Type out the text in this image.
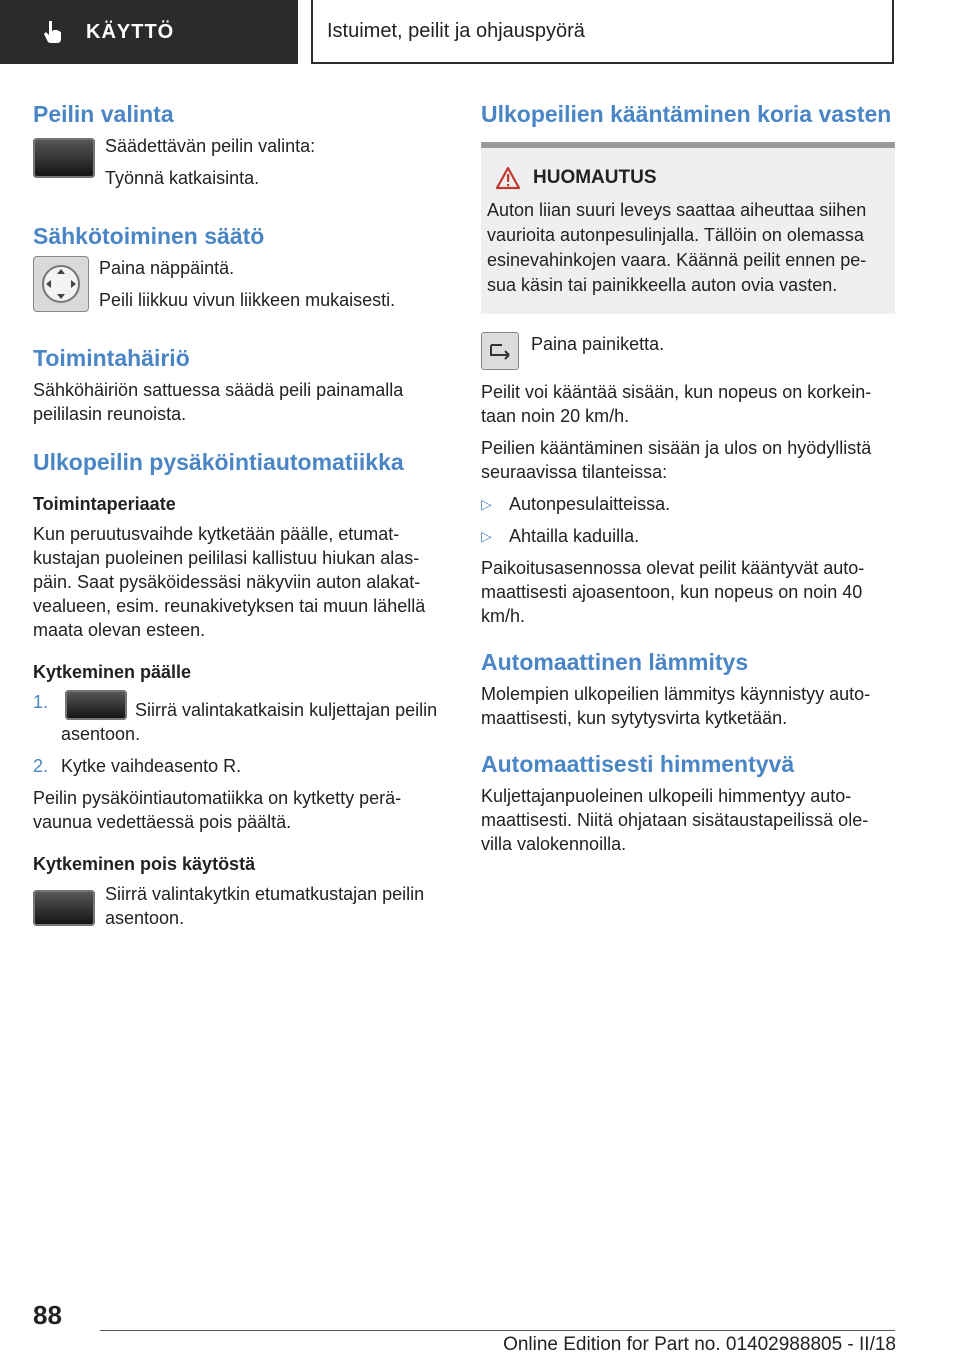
KÄYTTÖ	Istuimet, peilit ja ohjauspyörä
Peilin valinta

Säädettävän peilin valinta:

Työnnä katkaisinta.

Sähkötoiminen säätö

Paina näppäintä.

Peili liikkuu vivun liikkeen mukaisesti.

Toimintahäiriö

Sähköhäiriön sattuessa säädä peili painamalla peililasin reunoista.

Ulkopeilin pysäköintiautomatiikka
Toimintaperiaate

Kun peruutusvaihde kytketään päälle, etumat-kustajan puoleinen peililasi kallistuu hiukan alas-päin. Saat pysäköidessäsi näkyviin auton alakat-vealueen, esim. reunakivetyksen tai muun lähellä maata olevan esteen.

Kytkeminen päälle
1.	Siirrä valintakatkaisin kuljettajan peilin asentoon.
2. Kytke vaihdeasento R.

Peilin pysäköintiautomatiikka on kytketty perä-vaunua vedettäessä pois päältä.

Kytkeminen pois käytöstä

Siirrä valintakytkin etumatkustajan peilin asentoon.

Ulkopeilien kääntäminen koria vasten
HUOMAUTUS

Auton liian suuri leveys saattaa aiheuttaa siihen vaurioita autonpesulinjalla. Tällöin on olemassa esinevahinkojen vaara. Käännä peilit ennen pe-sua käsin tai painikkeella auton ovia vasten.

Paina painiketta.

Peilit voi kääntää sisään, kun nopeus on korkein-taan noin 20 km/h.

Peilien kääntäminen sisään ja ulos on hyödyllistä seuraavissa tilanteissa:

▷ Autonpesulaitteissa.
▷ Ahtailla kaduilla.

Paikoitusasennossa olevat peilit kääntyvät auto-maattisesti ajoasentoon, kun nopeus on noin 40 km/h.

Automaattinen lämmitys

Molempien ulkopeilien lämmitys käynnistyy auto-maattisesti, kun sytytysvirta kytketään.

Automaattisesti himmentyvä

Kuljettajanpuoleinen ulkopeili himmentyy auto-maattisesti. Niitä ohjataan sisätaustapeilissä ole-villa valokennoilla.

88
Online Edition for Part no. 01402988805 - II/18
